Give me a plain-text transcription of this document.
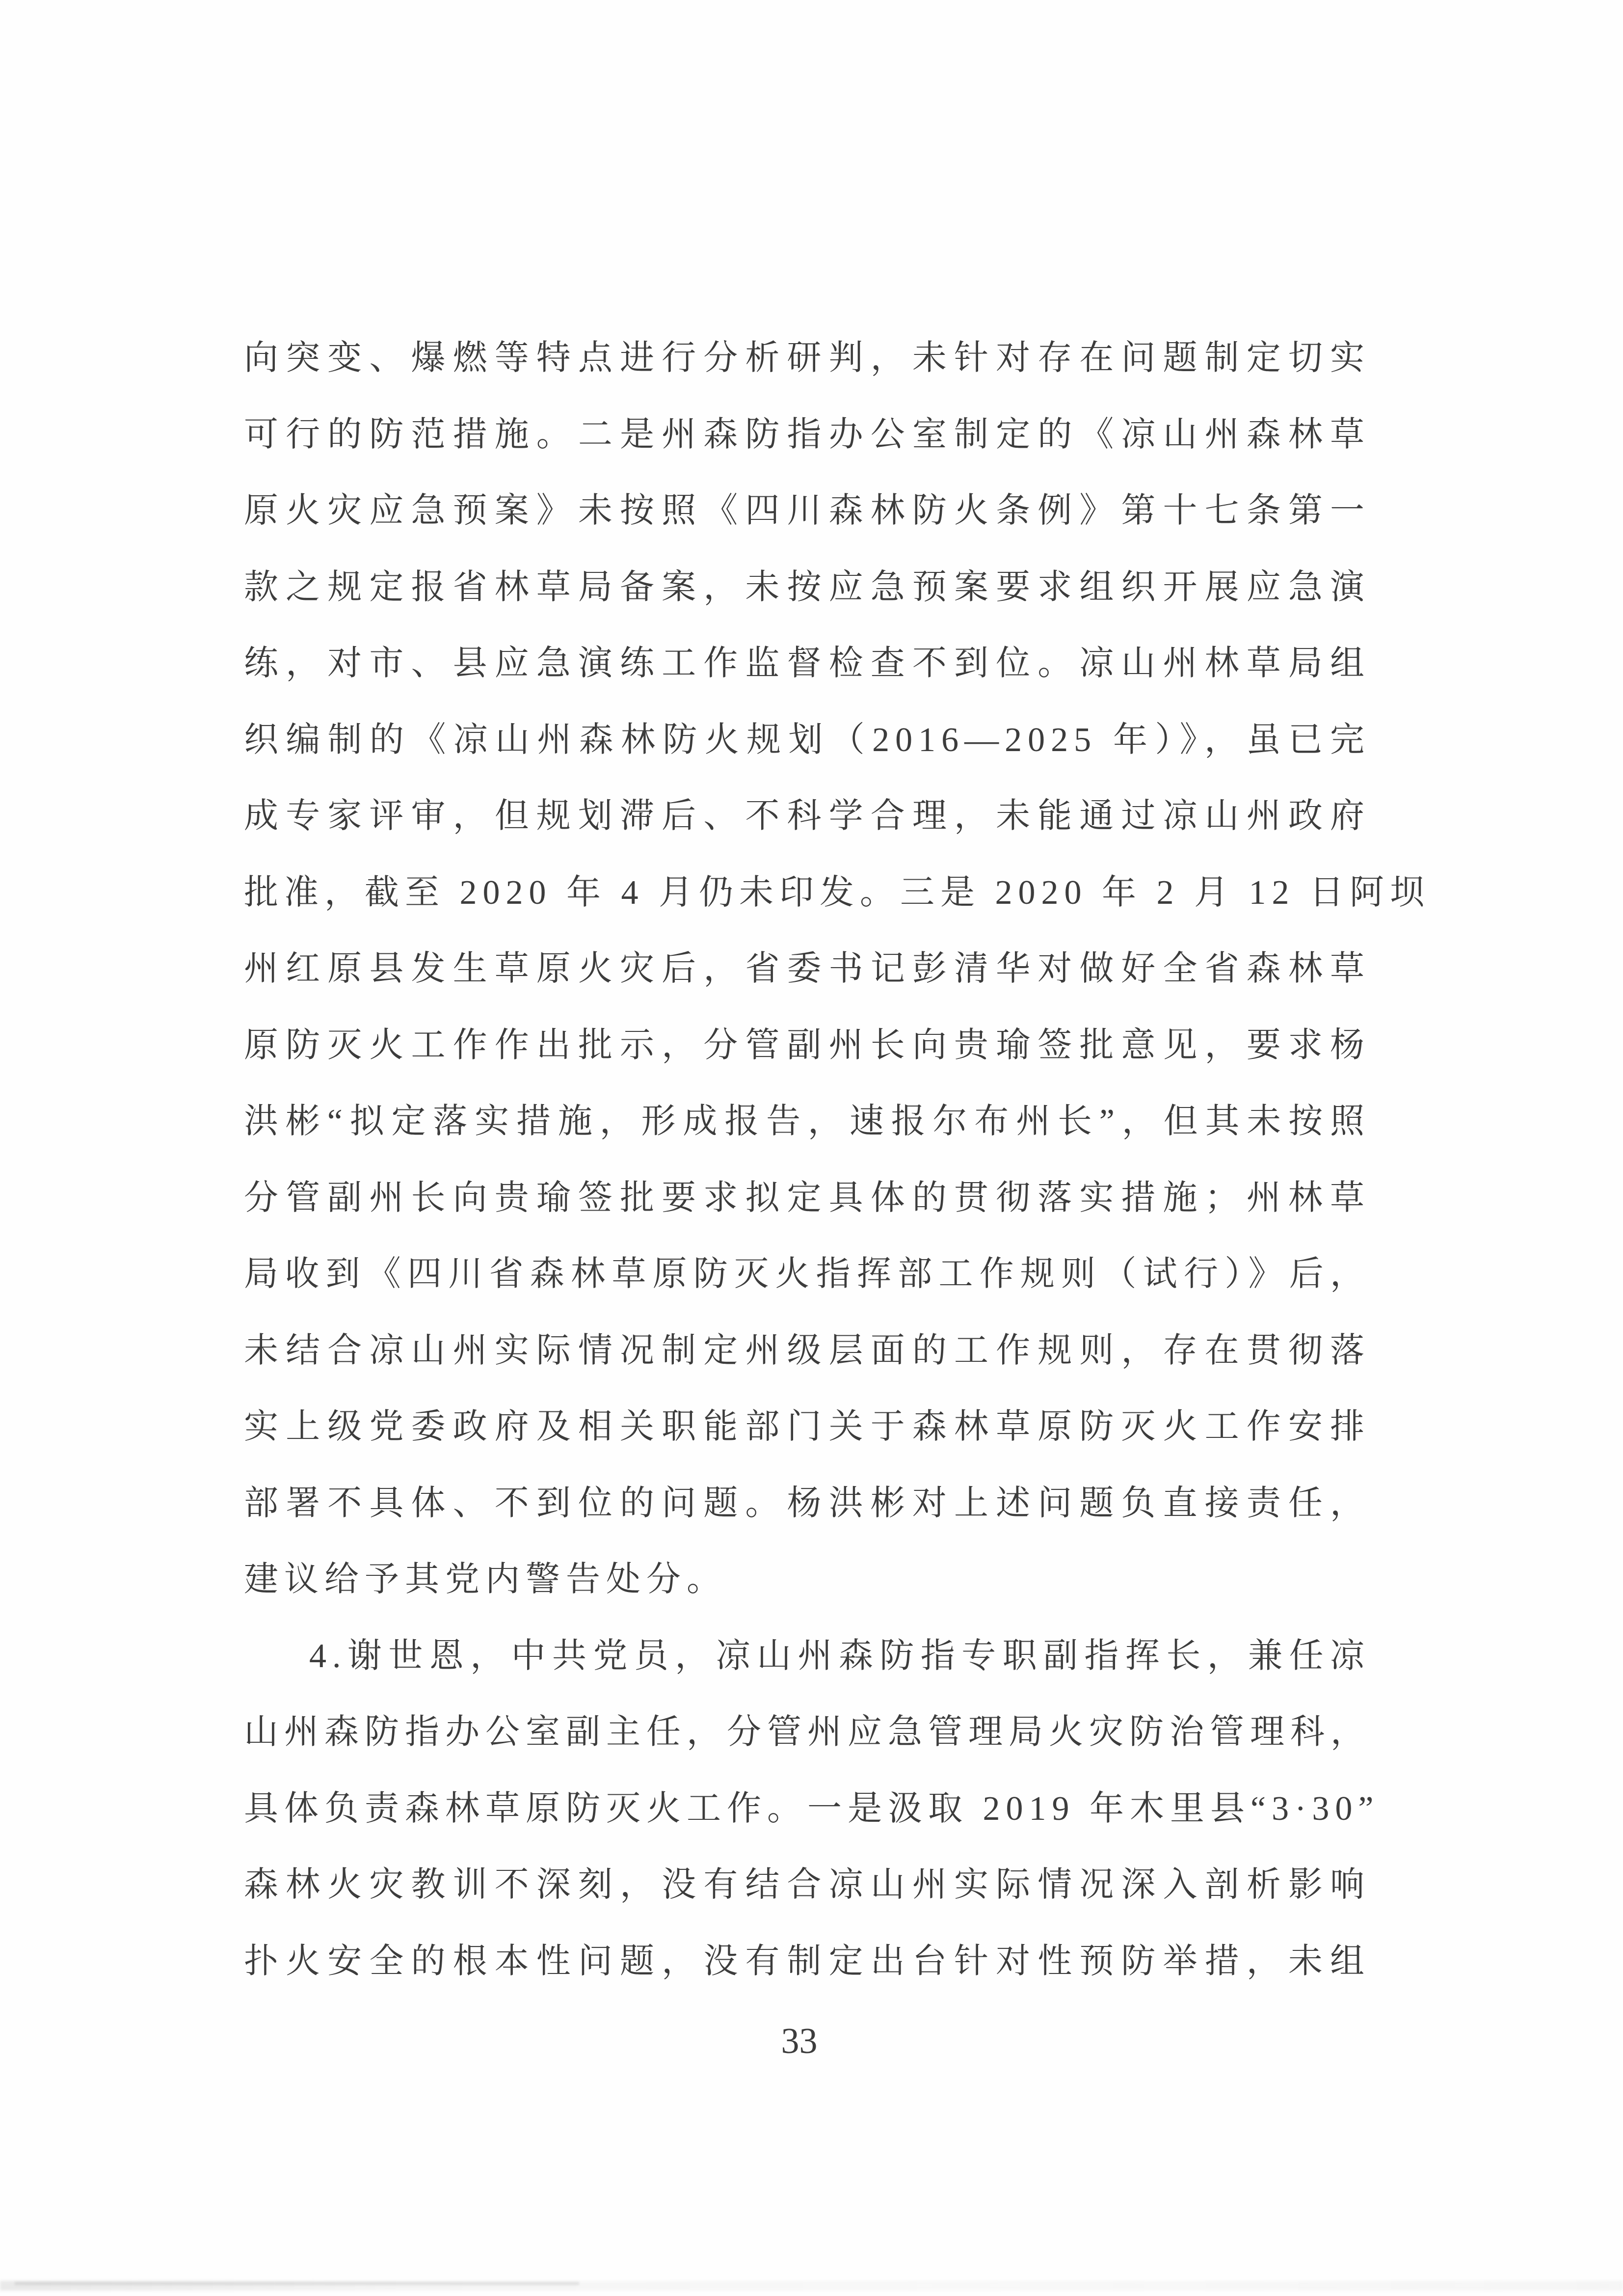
向突变、爆燃等特点进行分析研判，未针对存在问题制定切实
可行的防范措施。二是州森防指办公室制定的《凉山州森林草
原火灾应急预案》未按照《四川森林防火条例》第十七条第一
款之规定报省林草局备案，未按应急预案要求组织开展应急演
练，对市、县应急演练工作监督检查不到位。凉山州林草局组
织编制的《凉山州森林防火规划（2016—2025 年）》，虽已完
成专家评审，但规划滞后、不科学合理，未能通过凉山州政府
批准，截至 2020 年 4 月仍未印发。三是 2020 年 2 月 12 日阿坝
州红原县发生草原火灾后，省委书记彭清华对做好全省森林草
原防灭火工作作出批示，分管副州长向贵瑜签批意见，要求杨
洪彬“拟定落实措施，形成报告，速报尔布州长”，但其未按照
分管副州长向贵瑜签批要求拟定具体的贯彻落实措施；州林草
局收到《四川省森林草原防灭火指挥部工作规则（试行）》后，
未结合凉山州实际情况制定州级层面的工作规则，存在贯彻落
实上级党委政府及相关职能部门关于森林草原防灭火工作安排
部署不具体、不到位的问题。杨洪彬对上述问题负直接责任，
建议给予其党内警告处分。
4.谢世恩，中共党员，凉山州森防指专职副指挥长，兼任凉
山州森防指办公室副主任，分管州应急管理局火灾防治管理科，
具体负责森林草原防灭火工作。一是汲取 2019 年木里县“3·30”
森林火灾教训不深刻，没有结合凉山州实际情况深入剖析影响
扑火安全的根本性问题，没有制定出台针对性预防举措，未组
33
